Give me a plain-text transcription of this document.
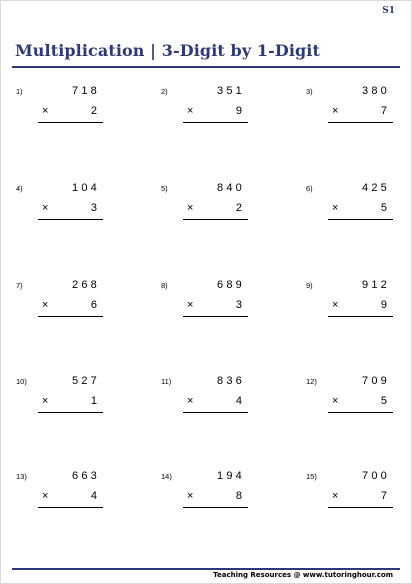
S1
Multiplication | 3-Digit by 1-Digit
1)	718
×	2
2)	351
×	9
3)	380
×	7
4)	104
×	3
5)	840
×	2
6)	425
×	5
7)	268
×	6
8)	689
×	3
9)	912
×	9
10)	527
×	1
11)	836
×	4
12)	709
×	5
13)	663
×	4
14)	194
×	8
15)	700
×	7
Teaching Resources @ www.tutoringhour.com
